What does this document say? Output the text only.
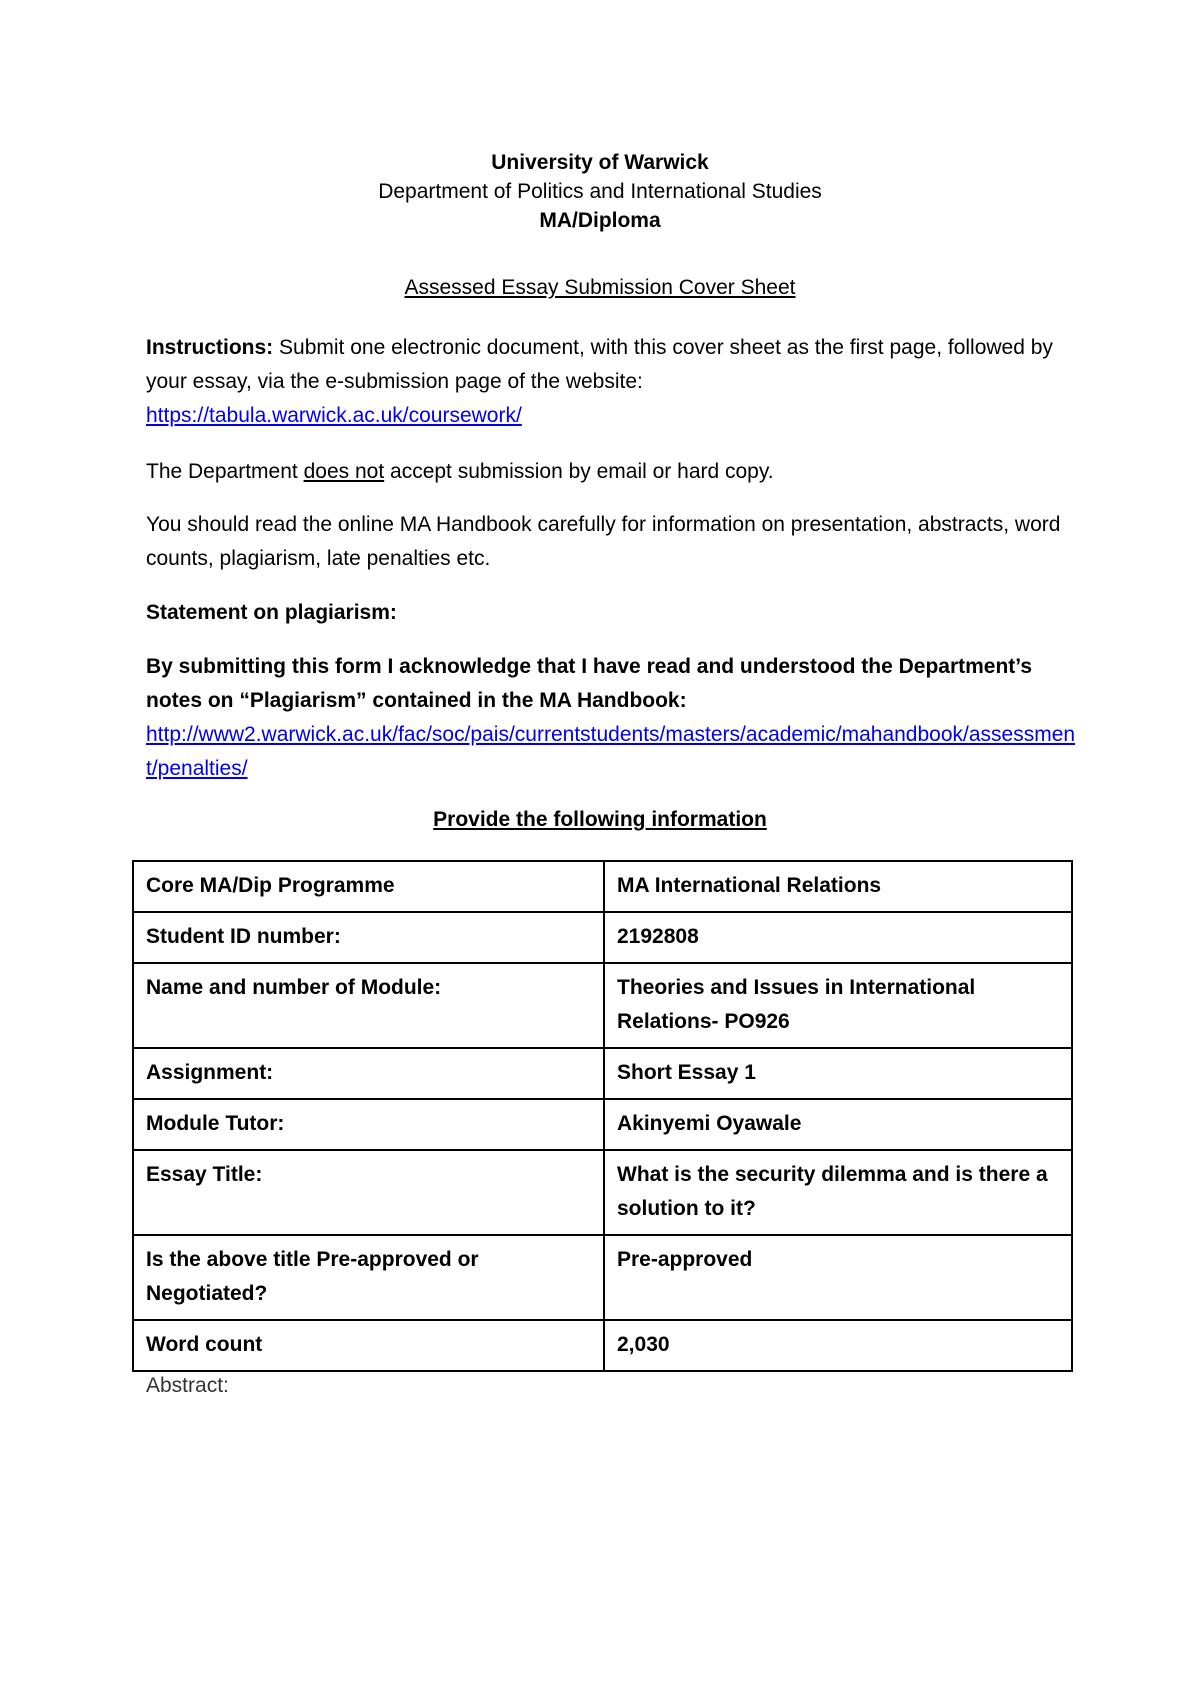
University of Warwick
Department of Politics and International Studies
MA/Diploma
Assessed Essay Submission Cover Sheet
Instructions: Submit one electronic document, with this cover sheet as the first page, followed by your essay, via the e-submission page of the website:
https://tabula.warwick.ac.uk/coursework/
The Department does not accept submission by email or hard copy.
You should read the online MA Handbook carefully for information on presentation, abstracts, word counts, plagiarism, late penalties etc.
Statement on plagiarism:
By submitting this form I acknowledge that I have read and understood the Department’s notes on “Plagiarism” contained in the MA Handbook:
http://www2.warwick.ac.uk/fac/soc/pais/currentstudents/masters/academic/mahandbook/assessment/penalties/
Provide the following information
Core MA/Dip Programme	MA International Relations
Student ID number:	2192808
Name and number of Module:	Theories and Issues in International Relations- PO926
Assignment:	Short Essay 1
Module Tutor:	Akinyemi Oyawale
Essay Title:	What is the security dilemma and is there a solution to it?
Is the above title Pre-approved or Negotiated?	Pre-approved
Word count	2,030
Abstract:
